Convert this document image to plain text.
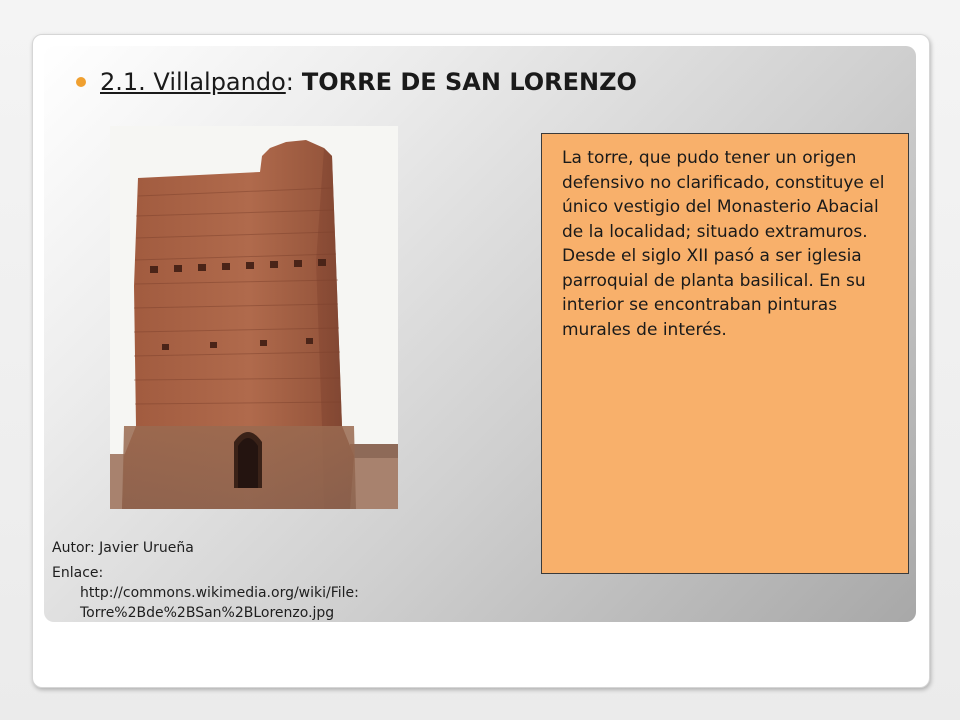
2.1. Villalpando : TORRE DE SAN LORENZO

La torre, que pudo tener un origen defensivo no clarificado, constituye el único vestigio del Monasterio Abacial de la localidad; situado extramuros. Desde el siglo XII pasó a ser iglesia parroquial de planta basilical. En su interior se encontraban pinturas murales de interés.

Autor: Javier Urueña
Enlace:
http://commons.wikimedia.org/wiki/File:
Torre%2Bde%2BSan%2BLorenzo.jpg
